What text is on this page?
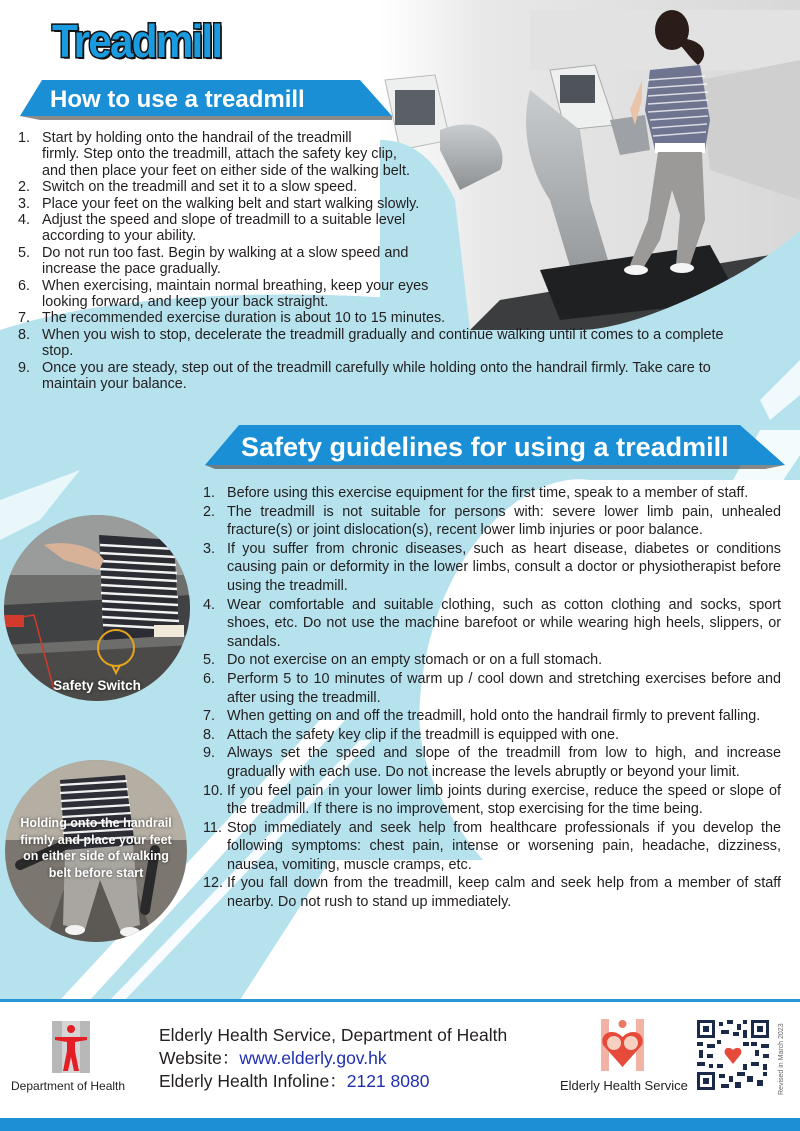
Treadmill
How to use a treadmill
1. Start by holding onto the handrail of the treadmill
firmly. Step onto the treadmill, attach the safety key clip,
and then place your feet on either side of the walking belt.
2. Switch on the treadmill and set it to a slow speed.
3. Place your feet on the walking belt and start walking slowly.
4. Adjust the speed and slope of treadmill to a suitable level
according to your ability.
5. Do not run too fast. Begin by walking at a slow speed and
increase the pace gradually.
6. When exercising, maintain normal breathing, keep your eyes
looking forward, and keep your back straight.
7. The recommended exercise duration is about 10 to 15 minutes.
8. When you wish to stop, decelerate the treadmill gradually and continue walking until it comes to a complete
stop.
9. Once you are steady, step out of the treadmill carefully while holding onto the handrail firmly. Take care to
maintain your balance.
Safety guidelines for using a treadmill
1. Before using this exercise equipment for the first time, speak to a member of staff.
2. The treadmill is not suitable for persons with: severe lower limb pain, unhealed fracture(s) or joint dislocation(s), recent lower limb injuries or poor balance.
3. If you suffer from chronic diseases, such as heart disease, diabetes or conditions causing pain or deformity in the lower limbs, consult a doctor or physiotherapist before using the treadmill.
4. Wear comfortable and suitable clothing, such as cotton clothing and socks, sport shoes, etc. Do not use the machine barefoot or while wearing high heels, slippers, or sandals.
5. Do not exercise on an empty stomach or on a full stomach.
6. Perform 5 to 10 minutes of warm up / cool down and stretching exercises before and after using the treadmill.
7. When getting on and off the treadmill, hold onto the handrail firmly to prevent falling.
8. Attach the safety key clip if the treadmill is equipped with one.
9. Always set the speed and slope of the treadmill from low to high, and increase gradually with each use. Do not increase the levels abruptly or beyond your limit.
10. If you feel pain in your lower limb joints during exercise, reduce the speed or slope of the treadmill. If there is no improvement, stop exercising for the time being.
11. Stop immediately and seek help from healthcare professionals if you develop the following symptoms: chest pain, intense or worsening pain, headache, dizziness, nausea, vomiting, muscle cramps, etc.
12. If you fall down from the treadmill, keep calm and seek help from a member of staff nearby. Do not rush to stand up immediately.
Safety Switch
Holding onto the handrail
firmly and place your feet
on either side of walking
belt before start
Department of Health
Elderly Health Service, Department of Health
Website：www.elderly.gov.hk
Elderly Health Infoline：2121 8080	Elderly Health Service	Revised in March 2023
